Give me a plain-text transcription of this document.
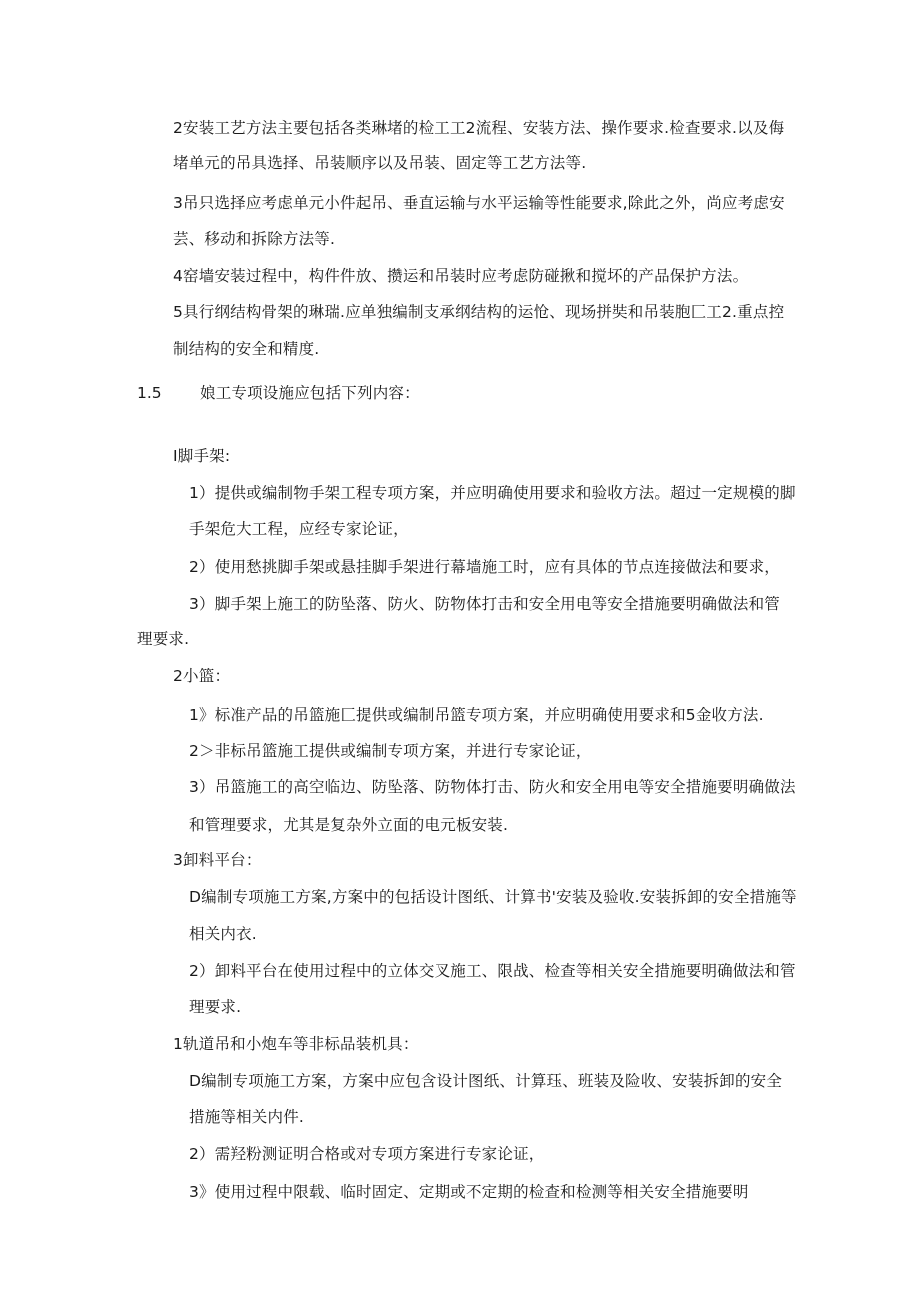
2安装工艺方法主要包括各类琳堵的检工工2流程、安装方法、操作要求.检查要求.以及侮
堵单元的吊具选择、吊装顺序以及吊装、固定等工艺方法等.
3吊只选择应考虑单元小件起吊、垂直运输与水平运输等性能要求,除此之外，尚应考虑安
芸、移动和拆除方法等.
4窑墙安装过程中，构件件放、攒运和吊装时应考虑防碰揪和搅坏的产品保护方法。
5具行纲结构骨架的琳瑞.应单独编制支承纲结构的运怆、现场拼奘和吊装胞匚工2.重点控
制结构的安全和精度.
1.5 娘工专项设施应包括下列内容：
I脚手架:
1）提供或编制物手架工程专项方案，并应明确使用要求和验收方法。超过一定规模的脚
手架危大工程，应经专家论证，
2）使用愁挑脚手架或悬挂脚手架进行幕墙施工时，应有具体的节点连接做法和要求，
3）脚手架上施工的防坠落、防火、防物体打击和安全用电等安全措施要明确做法和管
理要求.
2小篮：
1》标准产品的吊篮施匚提供或编制吊篮专项方案，并应明确使用要求和5金收方法.
2＞非标吊篮施工提供或编制专项方案，并进行专家论证，
3）吊篮施工的高空临边、防坠落、防物体打击、防火和安全用电等安全措施要明确做法
和管理要求，尤其是复杂外立面的电元板安装.
3卸料平台：
D编制专项施工方案,方案中的包括设计图纸、计算书'安装及验收.安装拆卸的安全措施等
相关内衣.
2）卸料平台在使用过程中的立体交叉施工、限战、检查等相关安全措施要明确做法和管
理要求.
1轨道吊和小炮车等非标品装机具：
D编制专项施工方案，方案中应包含设计图纸、计算珏、班装及险收、安装拆卸的安全
措施等相关内件.
2）需羟粉测证明合格或对专项方案进行专家论证，
3》使用过程中限载、临时固定、定期或不定期的检查和检测等相关安全措施要明
